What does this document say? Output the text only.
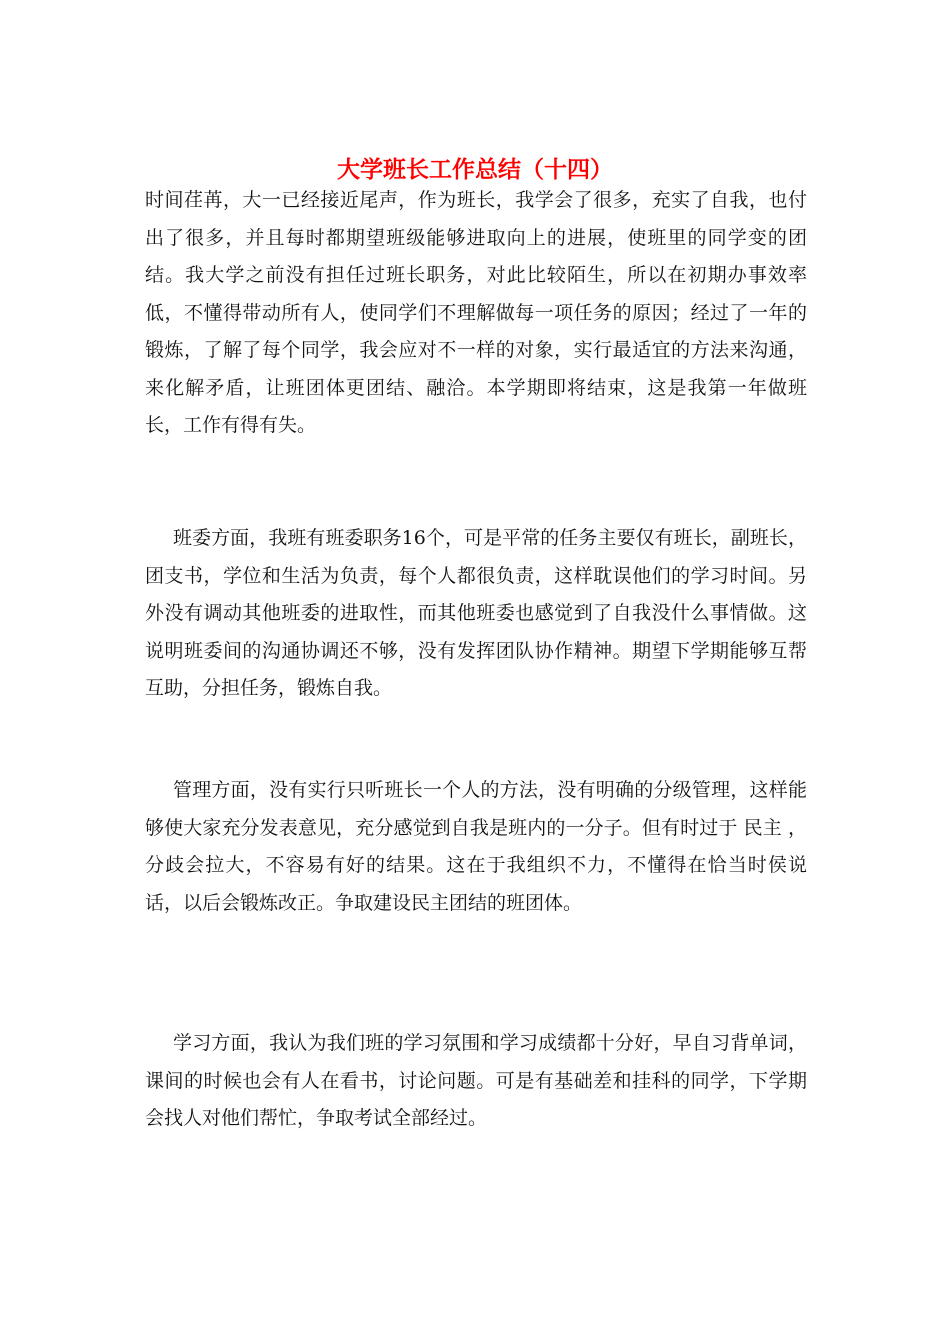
大学班长工作总结（十四）

时间荏苒，大一已经接近尾声，作为班长，我学会了很多，充实了自我，也付出了很多，并且每时都期望班级能够进取向上的进展，使班里的同学变的团结。我大学之前没有担任过班长职务，对此比较陌生，所以在初期办事效率低，不懂得带动所有人，使同学们不理解做每一项任务的原因；经过了一年的锻炼，了解了每个同学，我会应对不一样的对象，实行最适宜的方法来沟通，来化解矛盾，让班团体更团结、融洽。本学期即将结束，这是我第一年做班长，工作有得有失。

班委方面，我班有班委职务16个，可是平常的任务主要仅有班长，副班长，团支书，学位和生活为负责，每个人都很负责，这样耽误他们的学习时间。另外没有调动其他班委的进取性，而其他班委也感觉到了自我没什么事情做。这说明班委间的沟通协调还不够，没有发挥团队协作精神。期望下学期能够互帮互助，分担任务，锻炼自我。

管理方面，没有实行只听班长一个人的方法，没有明确的分级管理，这样能够使大家充分发表意见，充分感觉到自我是班内的一分子。但有时过于 民主 ，分歧会拉大，不容易有好的结果。这在于我组织不力，不懂得在恰当时侯说话，以后会锻炼改正。争取建设民主团结的班团体。

学习方面，我认为我们班的学习氛围和学习成绩都十分好，早自习背单词，课间的时候也会有人在看书，讨论问题。可是有基础差和挂科的同学，下学期会找人对他们帮忙，争取考试全部经过。
